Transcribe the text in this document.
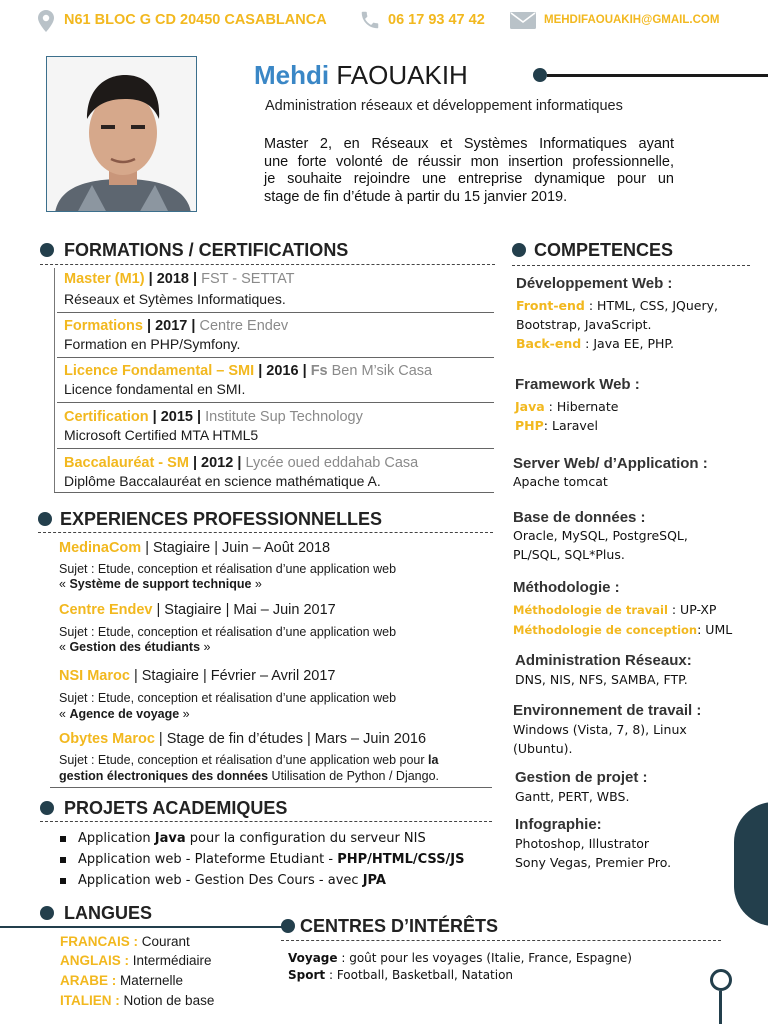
N61 BLOC G CD 20450 CASABLANCA	06 17 93 47 42	MEHDIFAOUAKIH@GMAIL.COM
Mehdi FAOUAKIH
Administration réseaux et développement informatiques
Master 2, en Réseaux et Systèmes Informatiques ayant
une forte volonté de réussir mon insertion professionnelle,
je souhaite rejoindre une entreprise dynamique pour un
stage de fin d’étude à partir du 15 janvier 2019.
FORMATIONS / CERTIFICATIONS
Master (M1) | 2018 | FST - SETTAT
Réseaux et Sytèmes Informatiques.
Formations | 2017 | Centre Endev
Formation en PHP/Symfony.
Licence Fondamental – SMI | 2016 | Fs Ben M’sik Casa
Licence fondamental en SMI.
Certification | 2015 | Institute Sup Technology
Microsoft Certified MTA HTML5
Baccalauréat - SM | 2012 | Lycée oued eddahab Casa
Diplôme Baccalauréat en science mathématique A.
EXPERIENCES PROFESSIONNELLES
MedinaCom | Stagiaire | Juin – Août 2018
Sujet : Etude, conception et réalisation d’une application web
« Système de support technique »
Centre Endev | Stagiaire | Mai – Juin 2017
Sujet : Etude, conception et réalisation d’une application web
« Gestion des étudiants »
NSI Maroc | Stagiaire | Février – Avril 2017
Sujet : Etude, conception et réalisation d’une application web
« Agence de voyage »
Obytes Maroc | Stage de fin d’études | Mars – Juin 2016
Sujet : Etude, conception et réalisation d’une application web pour la
gestion électroniques des données Utilisation de Python / Django.
PROJETS ACADEMIQUES
Application Java pour la configuration du serveur NIS
Application web - Plateforme Etudiant - PHP/HTML/CSS/JS
Application web - Gestion Des Cours - avec JPA
LANGUES
FRANCAIS : Courant
ANGLAIS : Intermédiaire
ARABE : Maternelle
ITALIEN : Notion de base
CENTRES D’INTÉRÊTS
Voyage : goût pour les voyages (Italie, France, Espagne)
Sport : Football, Basketball, Natation
COMPETENCES
Développement Web :
Front-end : HTML, CSS, JQuery,
Bootstrap, JavaScript.
Back-end : Java EE, PHP.
Framework Web :
Java : Hibernate
PHP: Laravel
Server Web/ d’Application :
Apache tomcat
Base de données :
Oracle, MySQL, PostgreSQL,
PL/SQL, SQL*Plus.
Méthodologie :
Méthodologie de travail : UP-XP
Méthodologie de conception: UML
Administration Réseaux:
DNS, NIS, NFS, SAMBA, FTP.
Environnement de travail :
Windows (Vista, 7, 8), Linux
(Ubuntu).
Gestion de projet :
Gantt, PERT, WBS.
Infographie:
Photoshop, Illustrator
Sony Vegas, Premier Pro.
